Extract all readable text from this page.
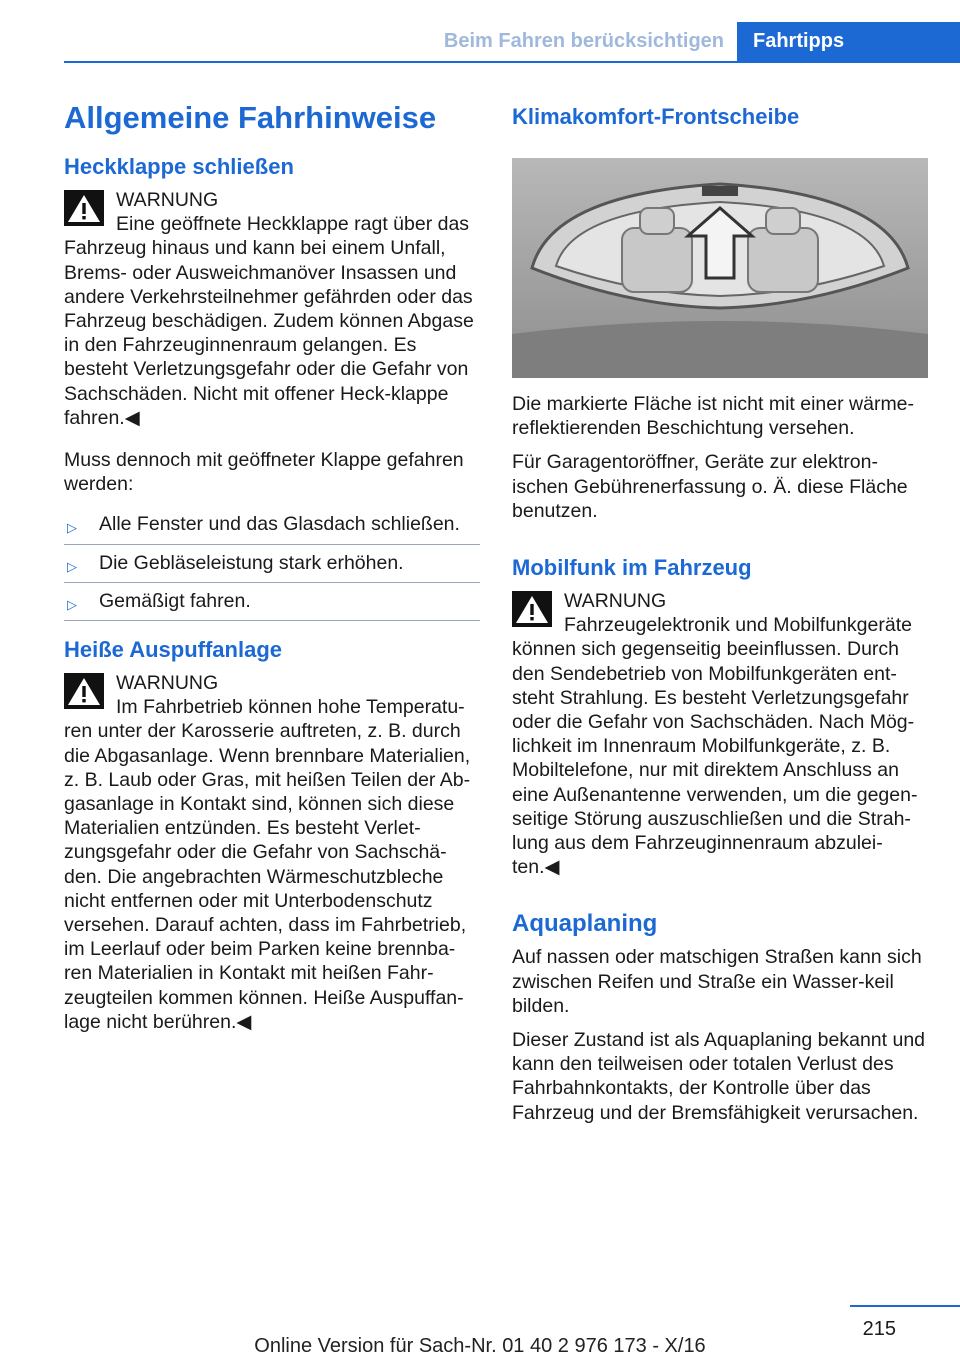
Beim Fahren berücksichtigen	Fahrtipps
Allgemeine Fahrhinweise
Heckklappe schließen
WARNUNG
Eine geöffnete Heckklappe ragt über das Fahrzeug hinaus und kann bei einem Unfall, Brems- oder Ausweichmanöver Insassen und andere Verkehrsteilnehmer gefährden oder das Fahrzeug beschädigen. Zudem können Abgase in den Fahrzeuginnenraum gelangen. Es besteht Verletzungsgefahr oder die Gefahr von Sachschäden. Nicht mit offener Heck‐klappe fahren.◀

Muss dennoch mit geöffneter Klappe gefahren werden:

▷ Alle Fenster und das Glasdach schließen.
▷ Die Gebläseleistung stark erhöhen.
▷ Gemäßigt fahren.
Heiße Auspuffanlage
WARNUNG
Im Fahrbetrieb können hohe Temperatu‐ren unter der Karosserie auftreten, z. B. durch die Abgasanlage. Wenn brennbare Materialien, z. B. Laub oder Gras, mit heißen Teilen der Ab‐gasanlage in Kontakt sind, können sich diese Materialien entzünden. Es besteht Verlet‐zungsgefahr oder die Gefahr von Sachschä‐den. Die angebrachten Wärmeschutzbleche nicht entfernen oder mit Unterbodenschutz versehen. Darauf achten, dass im Fahrbetrieb, im Leerlauf oder beim Parken keine brennba‐ren Materialien in Kontakt mit heißen Fahr‐zeugteilen kommen können. Heiße Auspuffan‐lage nicht berühren.◀
Klimakomfort-Frontscheibe

Die markierte Fläche ist nicht mit einer wärme‐reflektierenden Beschichtung versehen.

Für Garagentoröffner, Geräte zur elektron‐ischen Gebührenerfassung o. Ä. diese Fläche benutzen.

Mobilfunk im Fahrzeug
WARNUNG
Fahrzeugelektronik und Mobilfunkgeräte können sich gegenseitig beeinflussen. Durch den Sendebetrieb von Mobilfunkgeräten ent‐steht Strahlung. Es besteht Verletzungsgefahr oder die Gefahr von Sachschäden. Nach Mög‐lichkeit im Innenraum Mobilfunkgeräte, z. B. Mobiltelefone, nur mit direktem Anschluss an eine Außenantenne verwenden, um die gegen‐seitige Störung auszuschließen und die Strah‐lung aus dem Fahrzeuginnenraum abzulei‐ten.◀
Aquaplaning

Auf nassen oder matschigen Straßen kann sich zwischen Reifen und Straße ein Wasser‐keil bilden.

Dieser Zustand ist als Aquaplaning bekannt und kann den teilweisen oder totalen Verlust des Fahrbahnkontakts, der Kontrolle über das Fahrzeug und der Bremsfähigkeit verursachen.

215
Online Version für Sach-Nr. 01 40 2 976 173 - X/16
